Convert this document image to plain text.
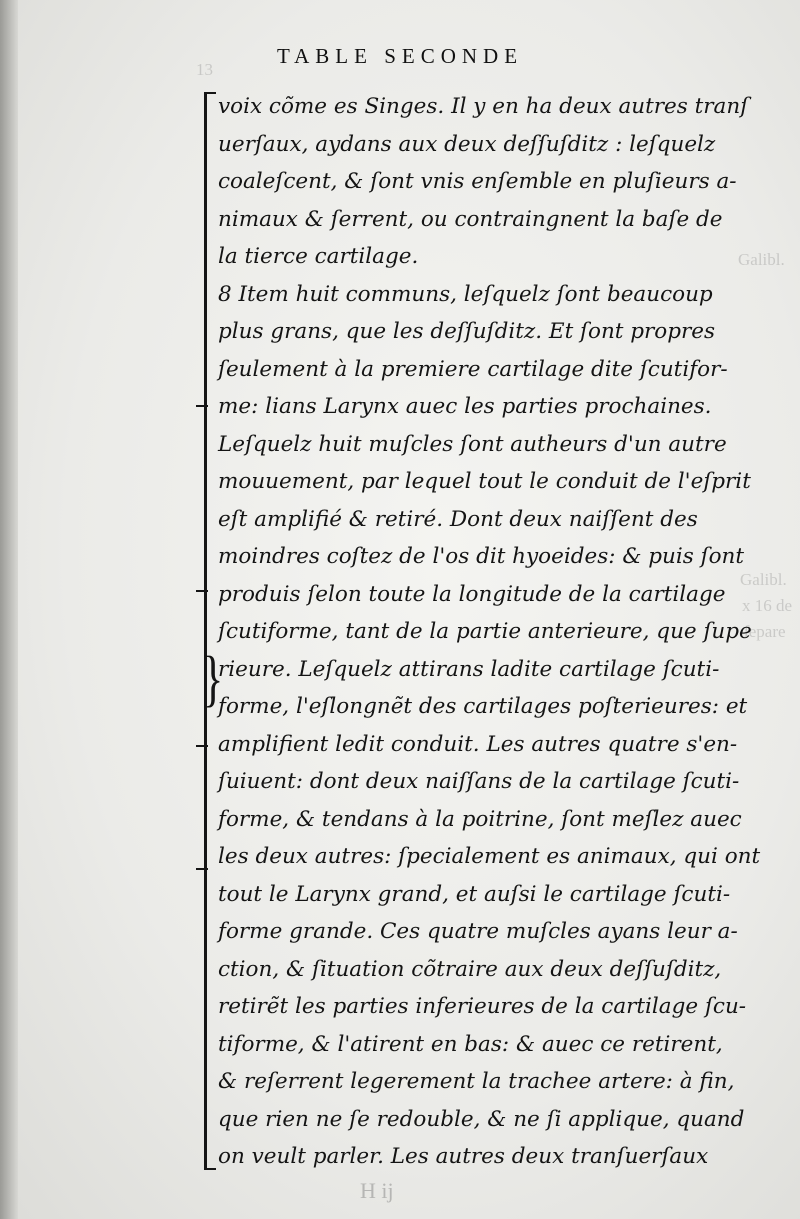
13
Galibl.
Galibl.
x 16 de
ſepare
TABLE SECONDE
}
voix cõme es Singes. Il y en ha deux autres tranſ
uerſaux, aydans aux deux deſſuſditz : leſquelz
coaleſcent, & ſont vnis enſemble en pluſieurs a-
nimaux & ſerrent, ou contraingnent la baſe de
la tierce cartilage.
8 Item huit communs, leſquelz ſont beaucoup
plus grans, que les deſſuſditz. Et ſont propres
ſeulement à la premiere cartilage dite ſcutifor-
me: lians Larynx auec les parties prochaines.
Leſquelz huit muſcles ſont autheurs d'un autre
mouuement, par lequel tout le conduit de l'eſprit
eſt amplifié & retiré. Dont deux naiſſent des
moindres coſtez de l'os dit hyoeides: & puis ſont
produis ſelon toute la longitude de la cartilage
ſcutiforme, tant de la partie anterieure, que ſupe
rieure. Leſquelz attirans ladite cartilage ſcuti-
forme, l'eſlongnẽt des cartilages poſterieures: et
amplifient ledit conduit. Les autres quatre s'en-
ſuiuent: dont deux naiſſans de la cartilage ſcuti-
forme, & tendans à la poitrine, ſont meſlez auec
les deux autres: ſpecialement es animaux, qui ont
tout le Larynx grand, et auſsi le cartilage ſcuti-
forme grande. Ces quatre muſcles ayans leur a-
ction, & ſituation cõtraire aux deux deſſuſditz,
retirẽt les parties inferieures de la cartilage ſcu-
tiforme, & l'atirent en bas: & auec ce retirent,
& reſerrent legerement la trachee artere: à fin,
que rien ne ſe redouble, & ne ſi applique, quand
on veult parler. Les autres deux tranſuerſaux
H ij
